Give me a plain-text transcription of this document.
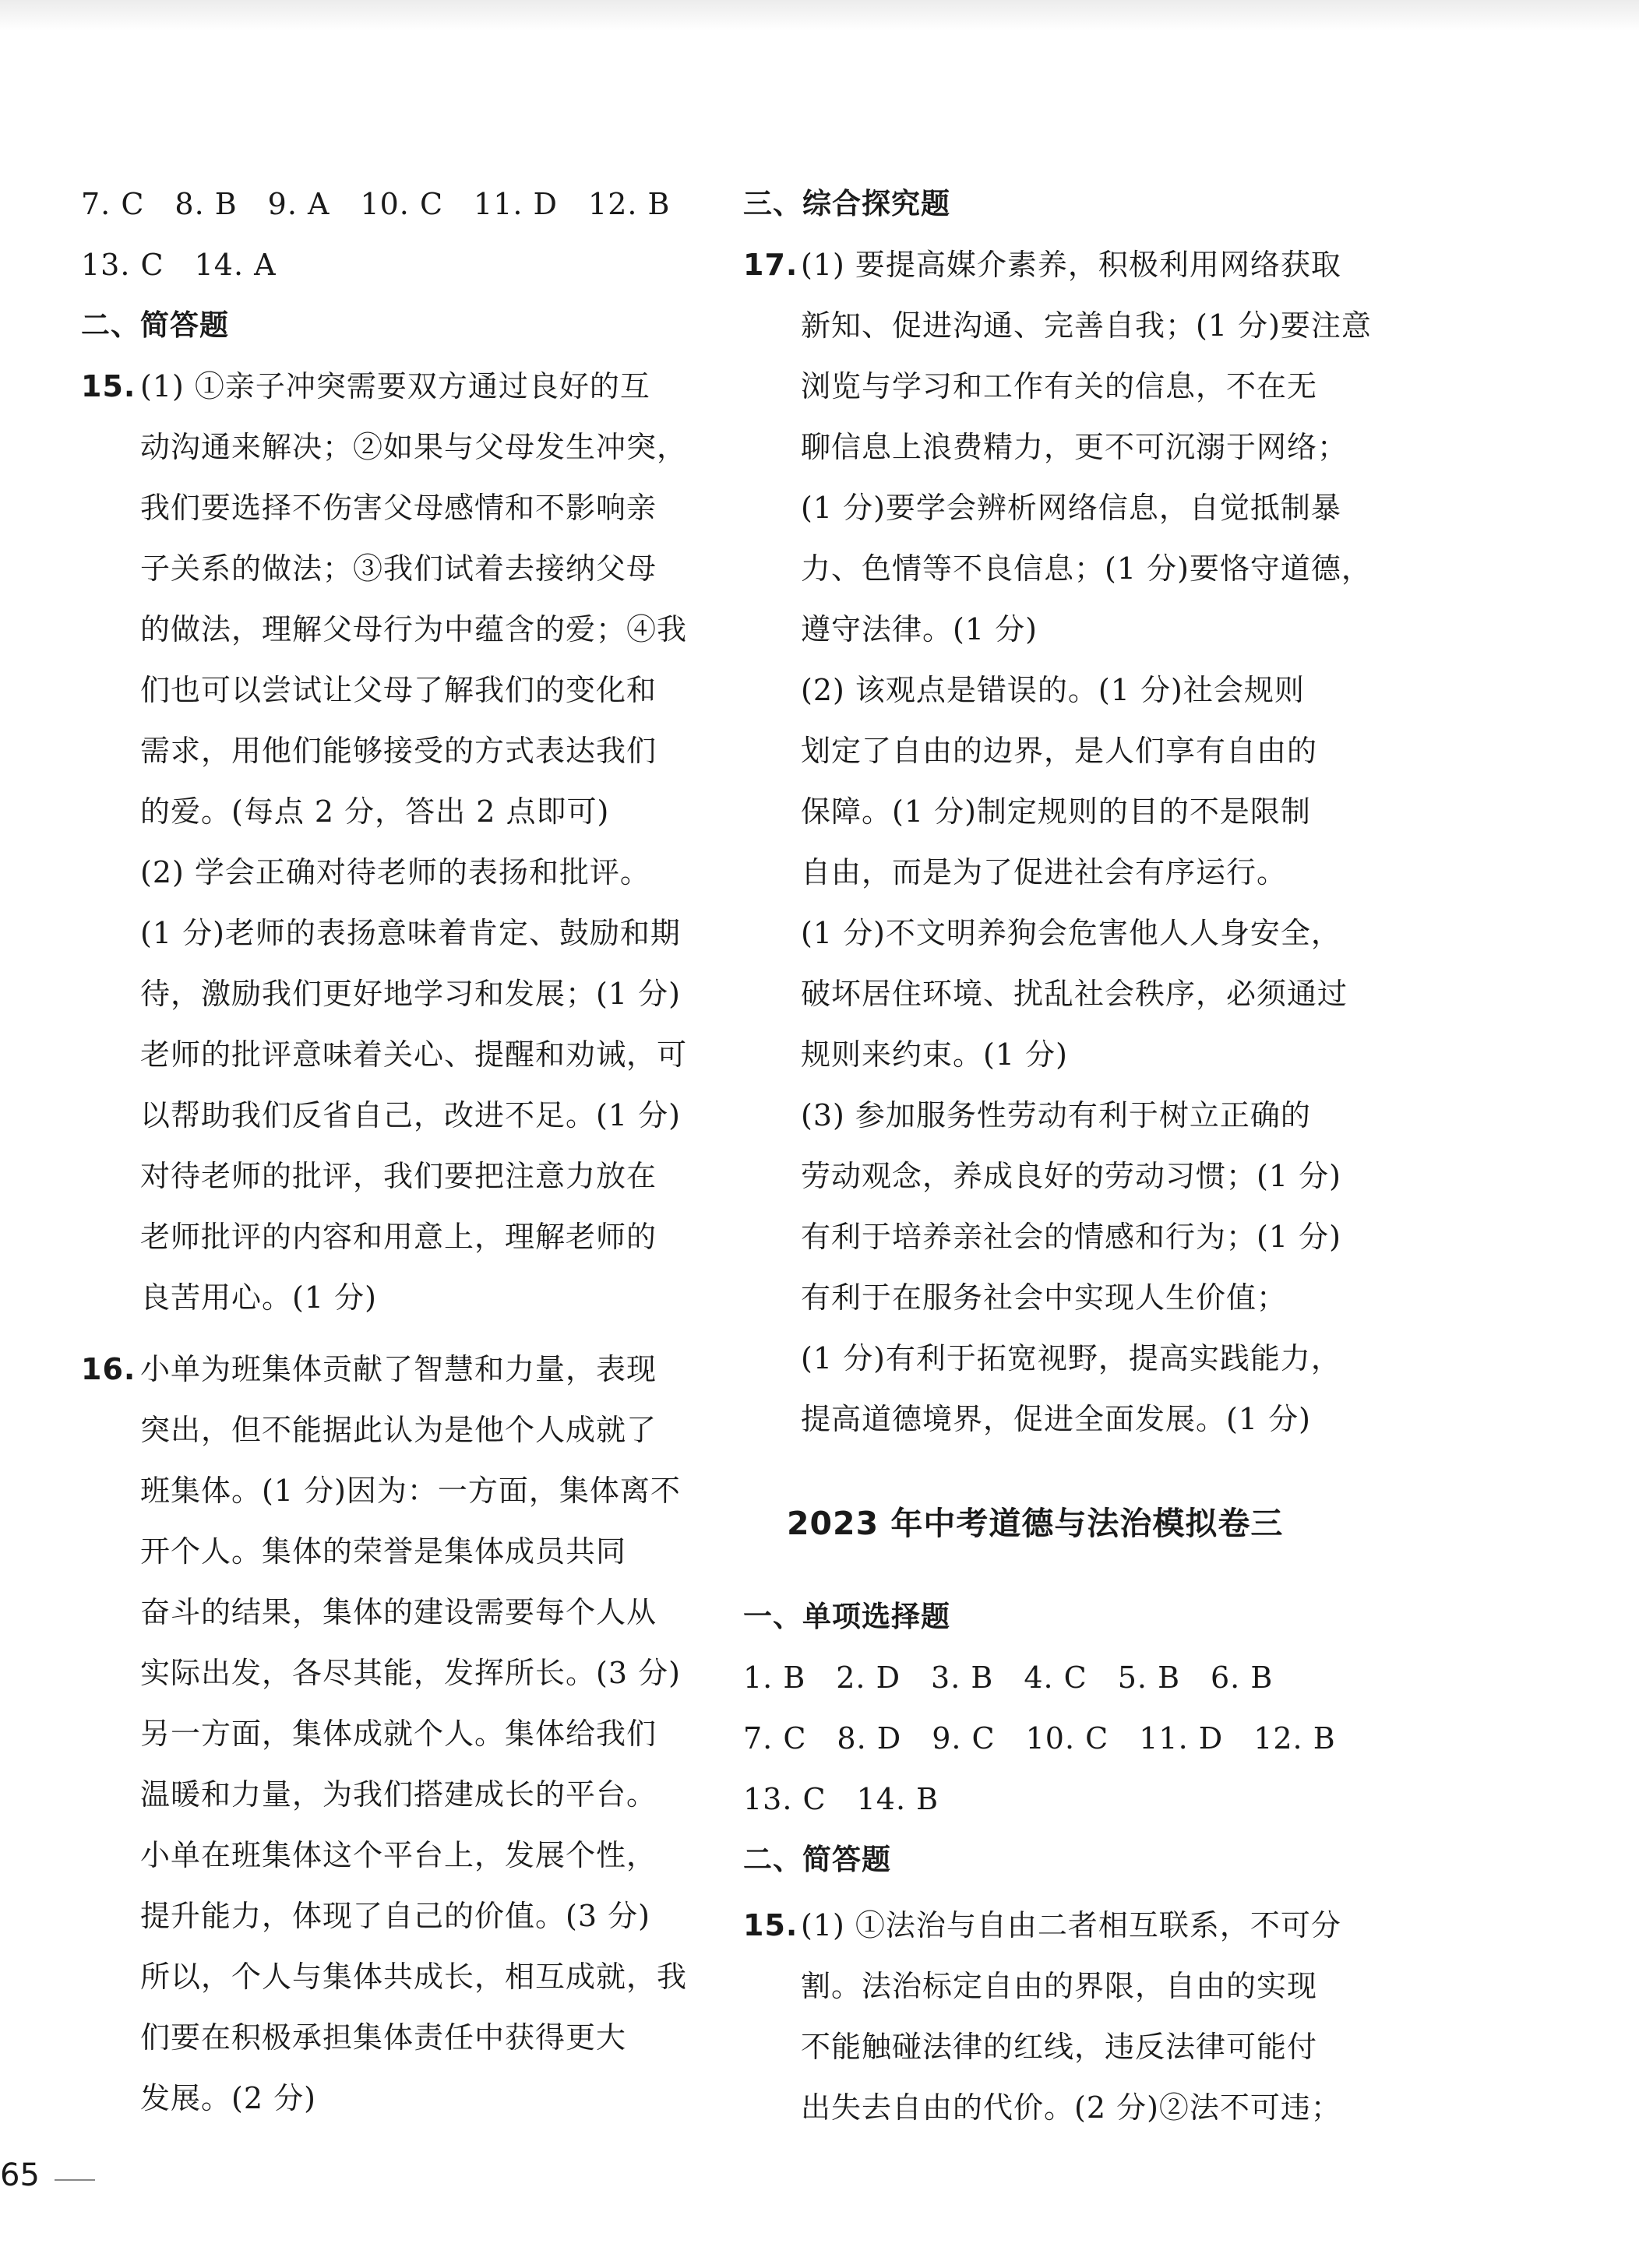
7. C　8. B　9. A　10. C　11. D　12. B
13. C　14. A
二、简答题
15. (1) ①亲子冲突需要双方通过良好的互
动沟通来解决；②如果与父母发生冲突，
我们要选择不伤害父母感情和不影响亲
子关系的做法；③我们试着去接纳父母
的做法，理解父母行为中蕴含的爱；④我
们也可以尝试让父母了解我们的变化和
需求，用他们能够接受的方式表达我们
的爱。(每点 2 分，答出 2 点即可)
(2) 学会正确对待老师的表扬和批评。
(1 分)老师的表扬意味着肯定、鼓励和期
待，激励我们更好地学习和发展；(1 分)
老师的批评意味着关心、提醒和劝诫，可
以帮助我们反省自己，改进不足。(1 分)
对待老师的批评，我们要把注意力放在
老师批评的内容和用意上，理解老师的
良苦用心。(1 分)
16. 小单为班集体贡献了智慧和力量，表现
突出，但不能据此认为是他个人成就了
班集体。(1 分)因为：一方面，集体离不
开个人。集体的荣誉是集体成员共同
奋斗的结果，集体的建设需要每个人从
实际出发，各尽其能，发挥所长。(3 分)
另一方面，集体成就个人。集体给我们
温暖和力量，为我们搭建成长的平台。
小单在班集体这个平台上，发展个性，
提升能力，体现了自己的价值。(3 分)
所以，个人与集体共成长，相互成就，我
们要在积极承担集体责任中获得更大
发展。(2 分)
三、综合探究题
17. (1) 要提高媒介素养，积极利用网络获取
新知、促进沟通、完善自我；(1 分)要注意
浏览与学习和工作有关的信息，不在无
聊信息上浪费精力，更不可沉溺于网络；
(1 分)要学会辨析网络信息，自觉抵制暴
力、色情等不良信息；(1 分)要恪守道德，
遵守法律。(1 分)
(2) 该观点是错误的。(1 分)社会规则
划定了自由的边界，是人们享有自由的
保障。(1 分)制定规则的目的不是限制
自由，而是为了促进社会有序运行。
(1 分)不文明养狗会危害他人人身安全，
破坏居住环境、扰乱社会秩序，必须通过
规则来约束。(1 分)
(3) 参加服务性劳动有利于树立正确的
劳动观念，养成良好的劳动习惯；(1 分)
有利于培养亲社会的情感和行为；(1 分)
有利于在服务社会中实现人生价值；
(1 分)有利于拓宽视野，提高实践能力，
提高道德境界，促进全面发展。(1 分)
2023 年中考道德与法治模拟卷三
一、单项选择题
1. B　2. D　3. B　4. C　5. B　6. B
7. C　8. D　9. C　10. C　11. D　12. B
13. C　14. B
二、简答题
15. (1) ①法治与自由二者相互联系，不可分
割。法治标定自由的界限，自由的实现
不能触碰法律的红线，违反法律可能付
出失去自由的代价。(2 分)②法不可违；
65
